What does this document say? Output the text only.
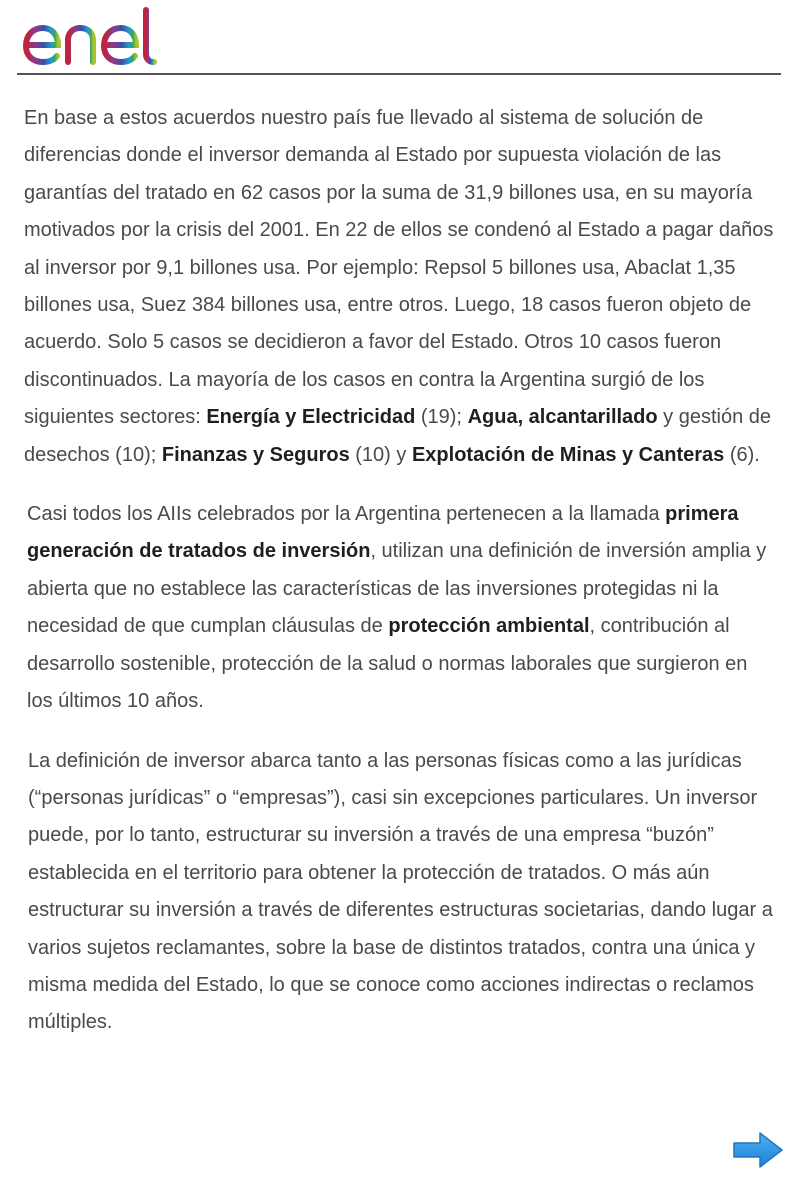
En base a estos acuerdos nuestro país fue llevado al sistema de solución de diferencias donde el inversor demanda al Estado por supuesta violación de las garantías del tratado en 62 casos por la suma de 31,9 billones usa, en su mayoría motivados por la crisis del 2001. En 22 de ellos se condenó al Estado a pagar daños al inversor por 9,1 billones usa. Por ejemplo: Repsol 5 billones usa, Abaclat 1,35 billones usa, Suez 384 billones usa, entre otros. Luego, 18 casos fueron objeto de acuerdo. Solo 5 casos se decidieron a favor del Estado. Otros 10 casos fueron discontinuados. La mayoría de los casos en contra la Argentina surgió de los siguientes sectores: Energía y Electricidad (19); Agua, alcantarillado y gestión de desechos (10); Finanzas y Seguros (10) y Explotación de Minas y Canteras (6).

Casi todos los AIIs celebrados por la Argentina pertenecen a la llamada primera generación de tratados de inversión, utilizan una definición de inversión amplia y abierta que no establece las características de las inversiones protegidas ni la necesidad de que cumplan cláusulas de protección ambiental, contribución al desarrollo sostenible, protección de la salud o normas laborales que surgieron en los últimos 10 años.

La definición de inversor abarca tanto a las personas físicas como a las jurídicas (“personas jurídicas” o “empresas”), casi sin excepciones particulares. Un inversor puede, por lo tanto, estructurar su inversión a través de una empresa “buzón” establecida en el territorio para obtener la protección de tratados. O más aún estructurar su inversión a través de diferentes estructuras societarias, dando lugar a varios sujetos reclamantes, sobre la base de distintos tratados, contra una única y misma medida del Estado, lo que se conoce como acciones indirectas o reclamos múltiples.
